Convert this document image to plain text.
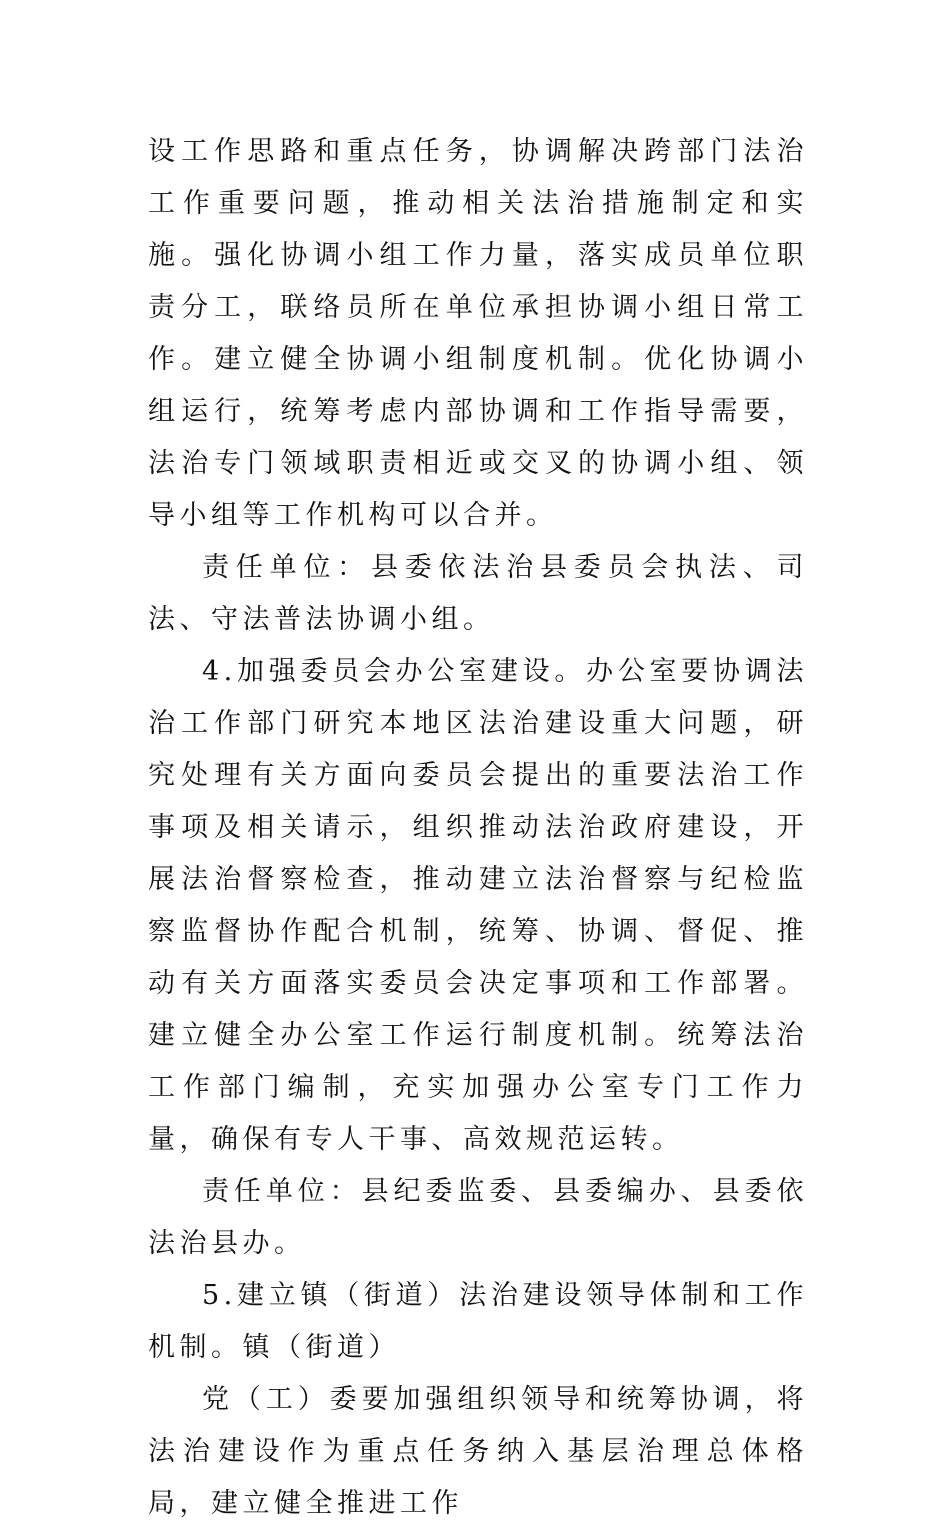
设工作思路和重点任务，协调解决跨部门法治工作重要问题，推动相关法治措施制定和实施。强化协调小组工作力量，落实成员单位职责分工，联络员所在单位承担协调小组日常工作。建立健全协调小组制度机制。优化协调小组运行，统筹考虑内部协调和工作指导需要，法治专门领域职责相近或交叉的协调小组、领导小组等工作机构可以合并。

责任单位：县委依法治县委员会执法、司法、守法普法协调小组。

4.加强委员会办公室建设。办公室要协调法治工作部门研究本地区法治建设重大问题，研究处理有关方面向委员会提出的重要法治工作事项及相关请示，组织推动法治政府建设，开展法治督察检查，推动建立法治督察与纪检监察监督协作配合机制，统筹、协调、督促、推动有关方面落实委员会决定事项和工作部署。建立健全办公室工作运行制度机制。统筹法治工作部门编制，充实加强办公室专门工作力量，确保有专人干事、高效规范运转。

责任单位：县纪委监委、县委编办、县委依法治县办。

5.建立镇（街道）法治建设领导体制和工作机制。镇（街道）

党（工）委要加强组织领导和统筹协调，将法治建设作为重点任务纳入基层治理总体格局，建立健全推进工作
